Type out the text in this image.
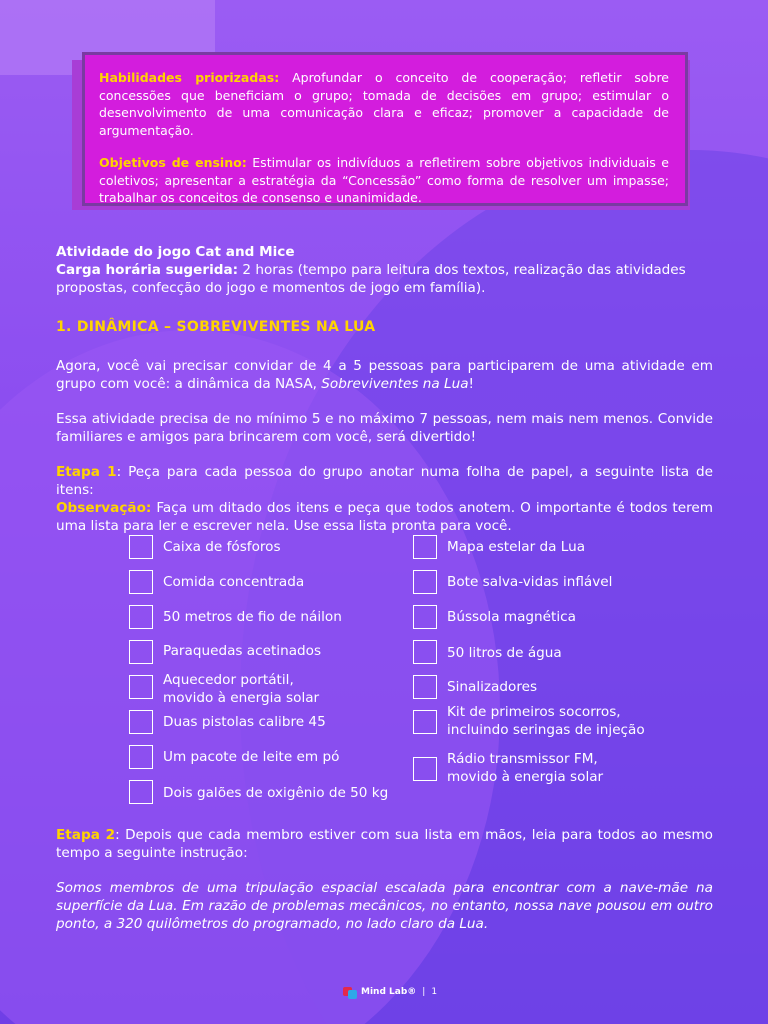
Habilidades priorizadas: Aprofundar o conceito de cooperação; refletir sobre concessões que beneficiam o grupo; tomada de decisões em grupo; estimular o desenvolvimento de uma comunicação clara e eficaz; promover a capacidade de argumentação.

Objetivos de ensino: Estimular os indivíduos a refletirem sobre objetivos individuais e coletivos; apresentar a estratégia da “Concessão” como forma de resolver um impasse; trabalhar os conceitos de consenso e unanimidade.

Atividade do jogo Cat and Mice
Carga horária sugerida: 2 horas (tempo para leitura dos textos, realização das atividades propostas, confecção do jogo e momentos de jogo em família).
1. DINÂMICA – SOBREVIVENTES NA LUA

Agora, você vai precisar convidar de 4 a 5 pessoas para participarem de uma atividade em grupo com você: a dinâmica da NASA, Sobreviventes na Lua!

Essa atividade precisa de no mínimo 5 e no máximo 7 pessoas, nem mais nem menos. Convide familiares e amigos para brincarem com você, será divertido!

Etapa 1: Peça para cada pessoa do grupo anotar numa folha de papel, a seguinte lista de itens:

Observação: Faça um ditado dos itens e peça que todos anotem. O importante é todos terem uma lista para ler e escrever nela. Use essa lista pronta para você.

Caixa de fósforos
Comida concentrada
50 metros de fio de náilon
Paraquedas acetinados
Aquecedor portátil,
movido à energia solar
Duas pistolas calibre 45
Um pacote de leite em pó
Dois galões de oxigênio de 50 kg
Mapa estelar da Lua
Bote salva-vidas inflável
Bússola magnética
50 litros de água
Sinalizadores
Kit de primeiros socorros,
incluindo seringas de injeção
Rádio transmissor FM,
movido à energia solar

Etapa 2: Depois que cada membro estiver com sua lista em mãos, leia para todos ao mesmo tempo a seguinte instrução:

Somos membros de uma tripulação espacial escalada para encontrar com a nave-mãe na superfície da Lua. Em razão de problemas mecânicos, no entanto, nossa nave pousou em outro ponto, a 320 quilômetros do programado, no lado claro da Lua.

Mind Lab® | 1
